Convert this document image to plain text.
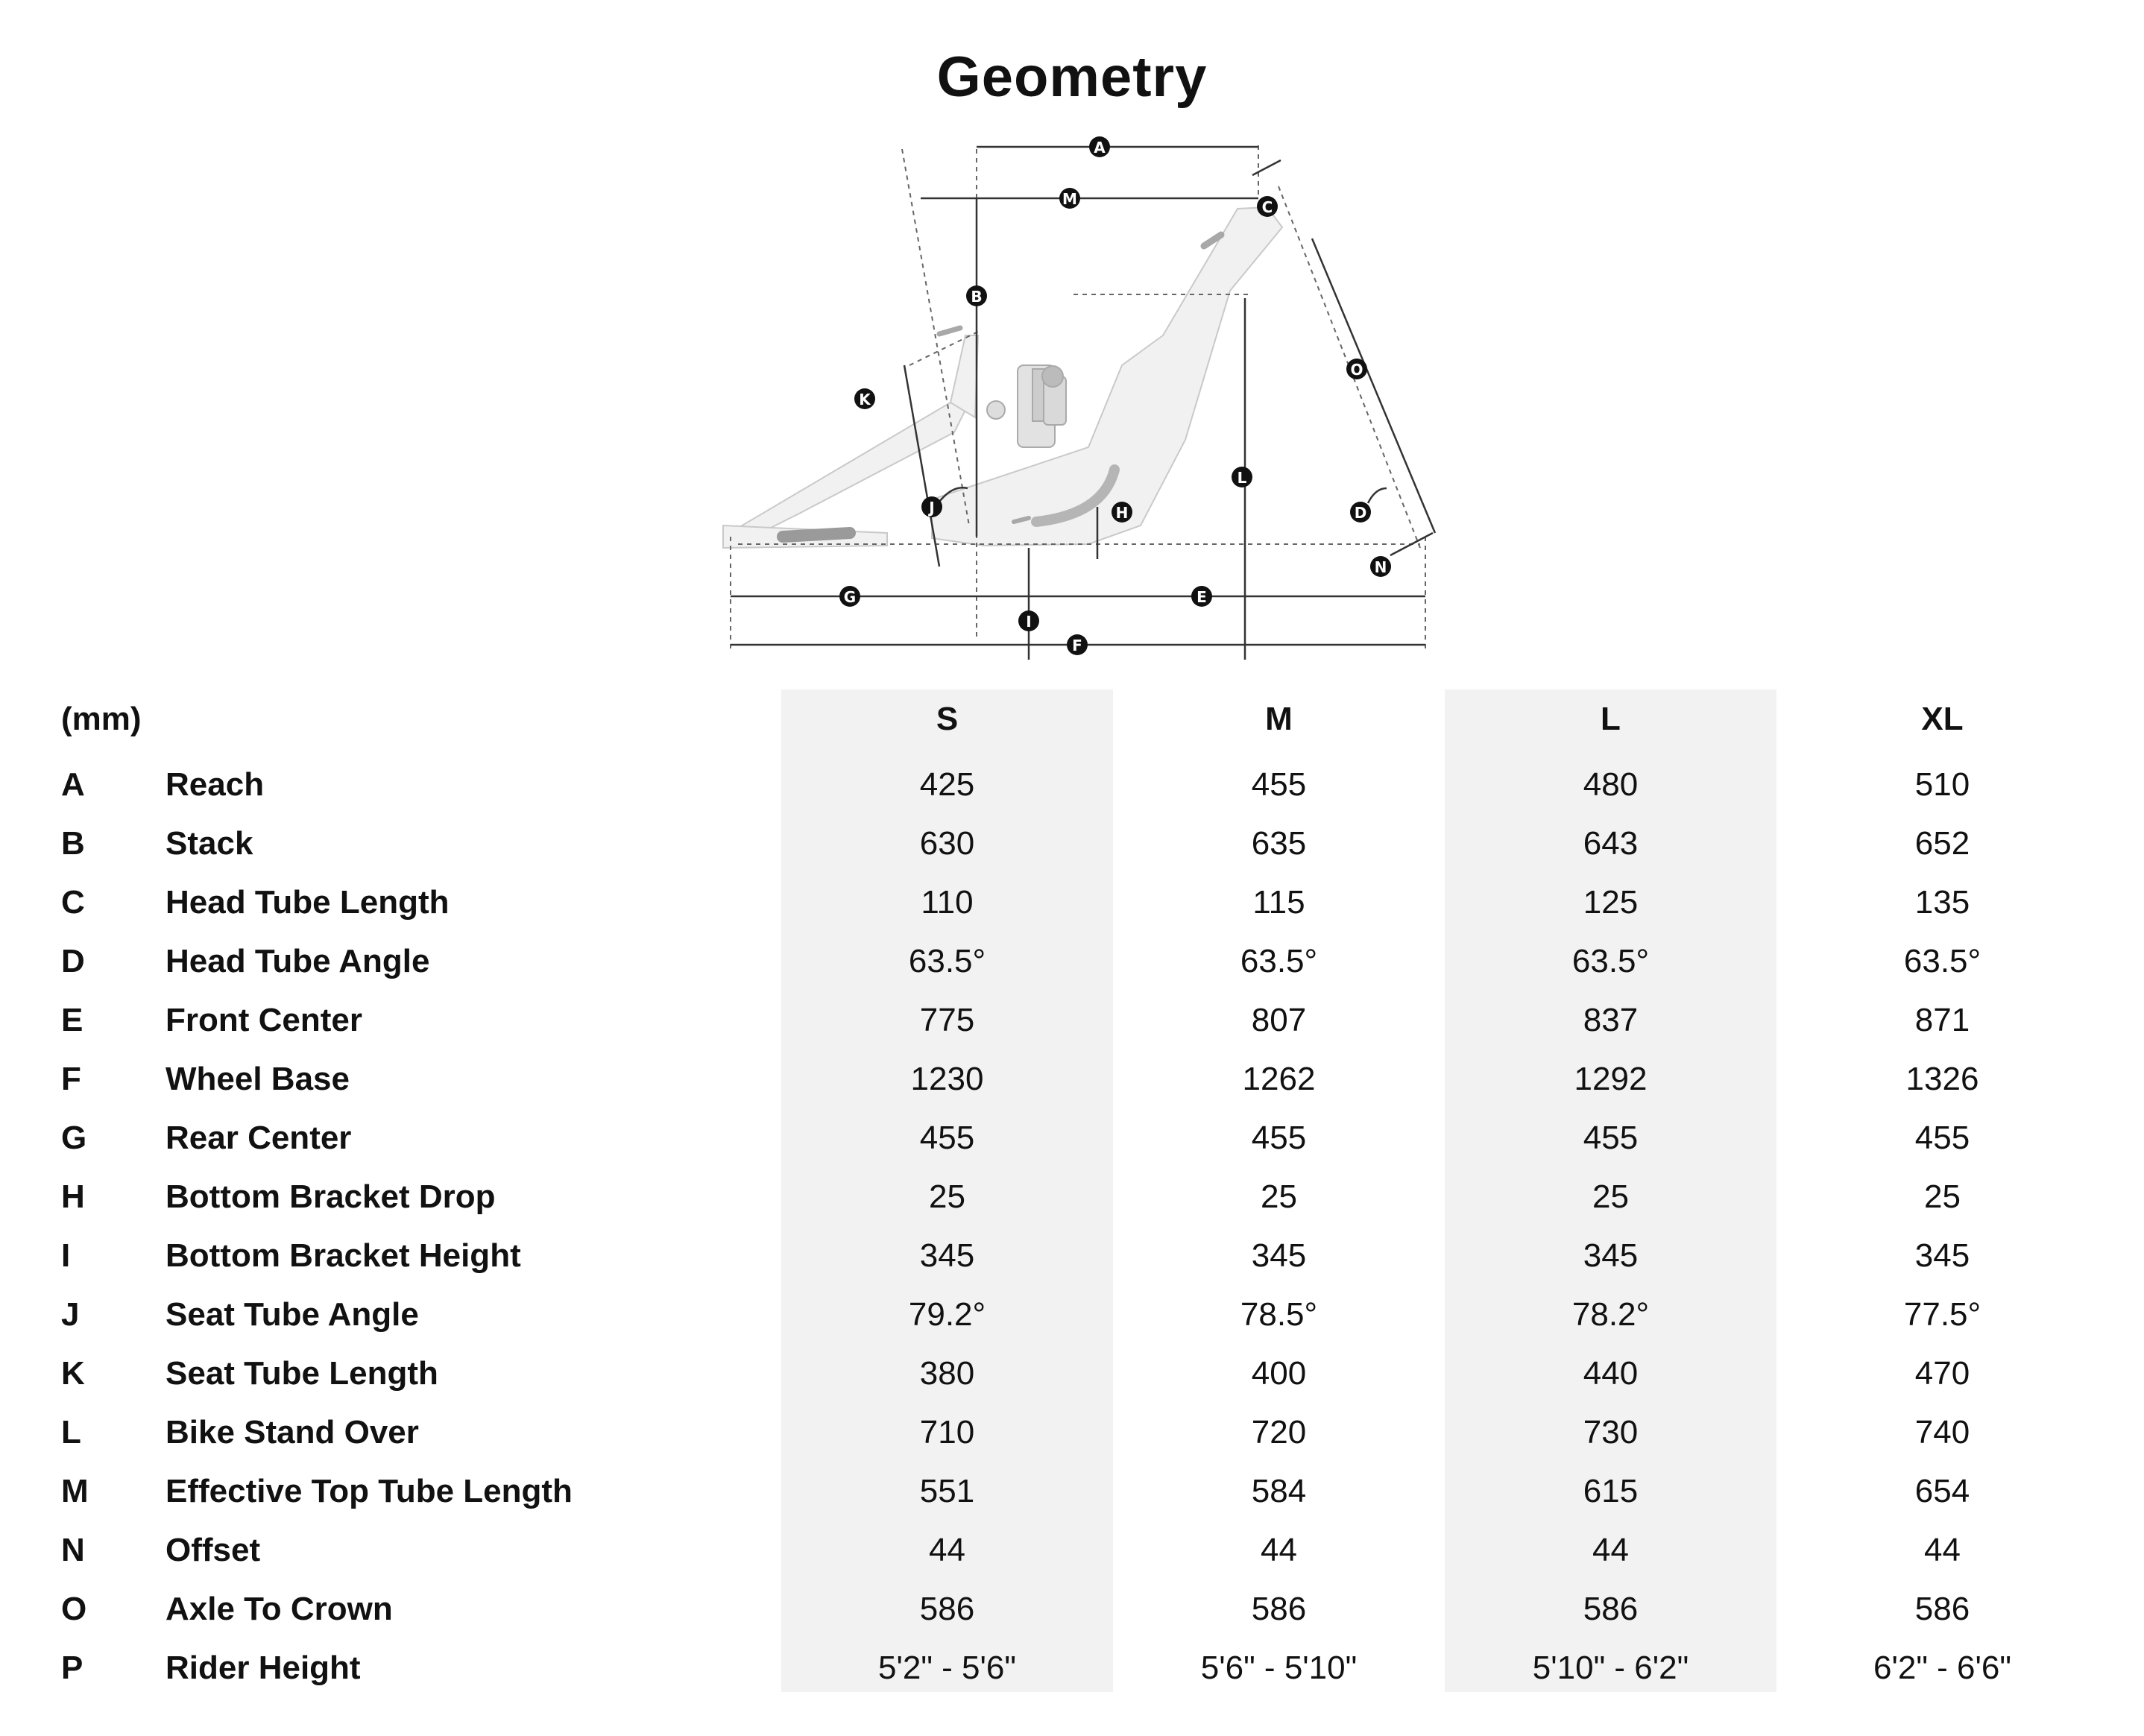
Geometry
A
M	C
B
O
K
L
J	H	D
N
G	E
I
F
(mm)	S	M	L	XL
A Reach	425	455	480	510
B Stack	630	635	643	652
C Head Tube Length	110	115	125	135
D Head Tube Angle	63.5°	63.5°	63.5°	63.5°
E	Front Center	775	807	837	871
F	Wheel Base	1230	1262	1292	1326
G Rear Center	455	455	455	455
H Bottom Bracket Drop	25	25	25	25
I	Bottom Bracket Height	345	345	345	345
J	Seat Tube Angle	79.2°	78.5°	78.2°	77.5°
K Seat Tube Length	380	400	440	470
L	Bike Stand Over	710	720	730	740
M Effective Top Tube Length	551	584	615	654
N Offset	44	44	44	44
O Axle To Crown	586	586	586	586
P	Rider Height	5'2" - 5'6"	5'6" - 5'10"	5'10" - 6'2"	6'2" - 6'6"
